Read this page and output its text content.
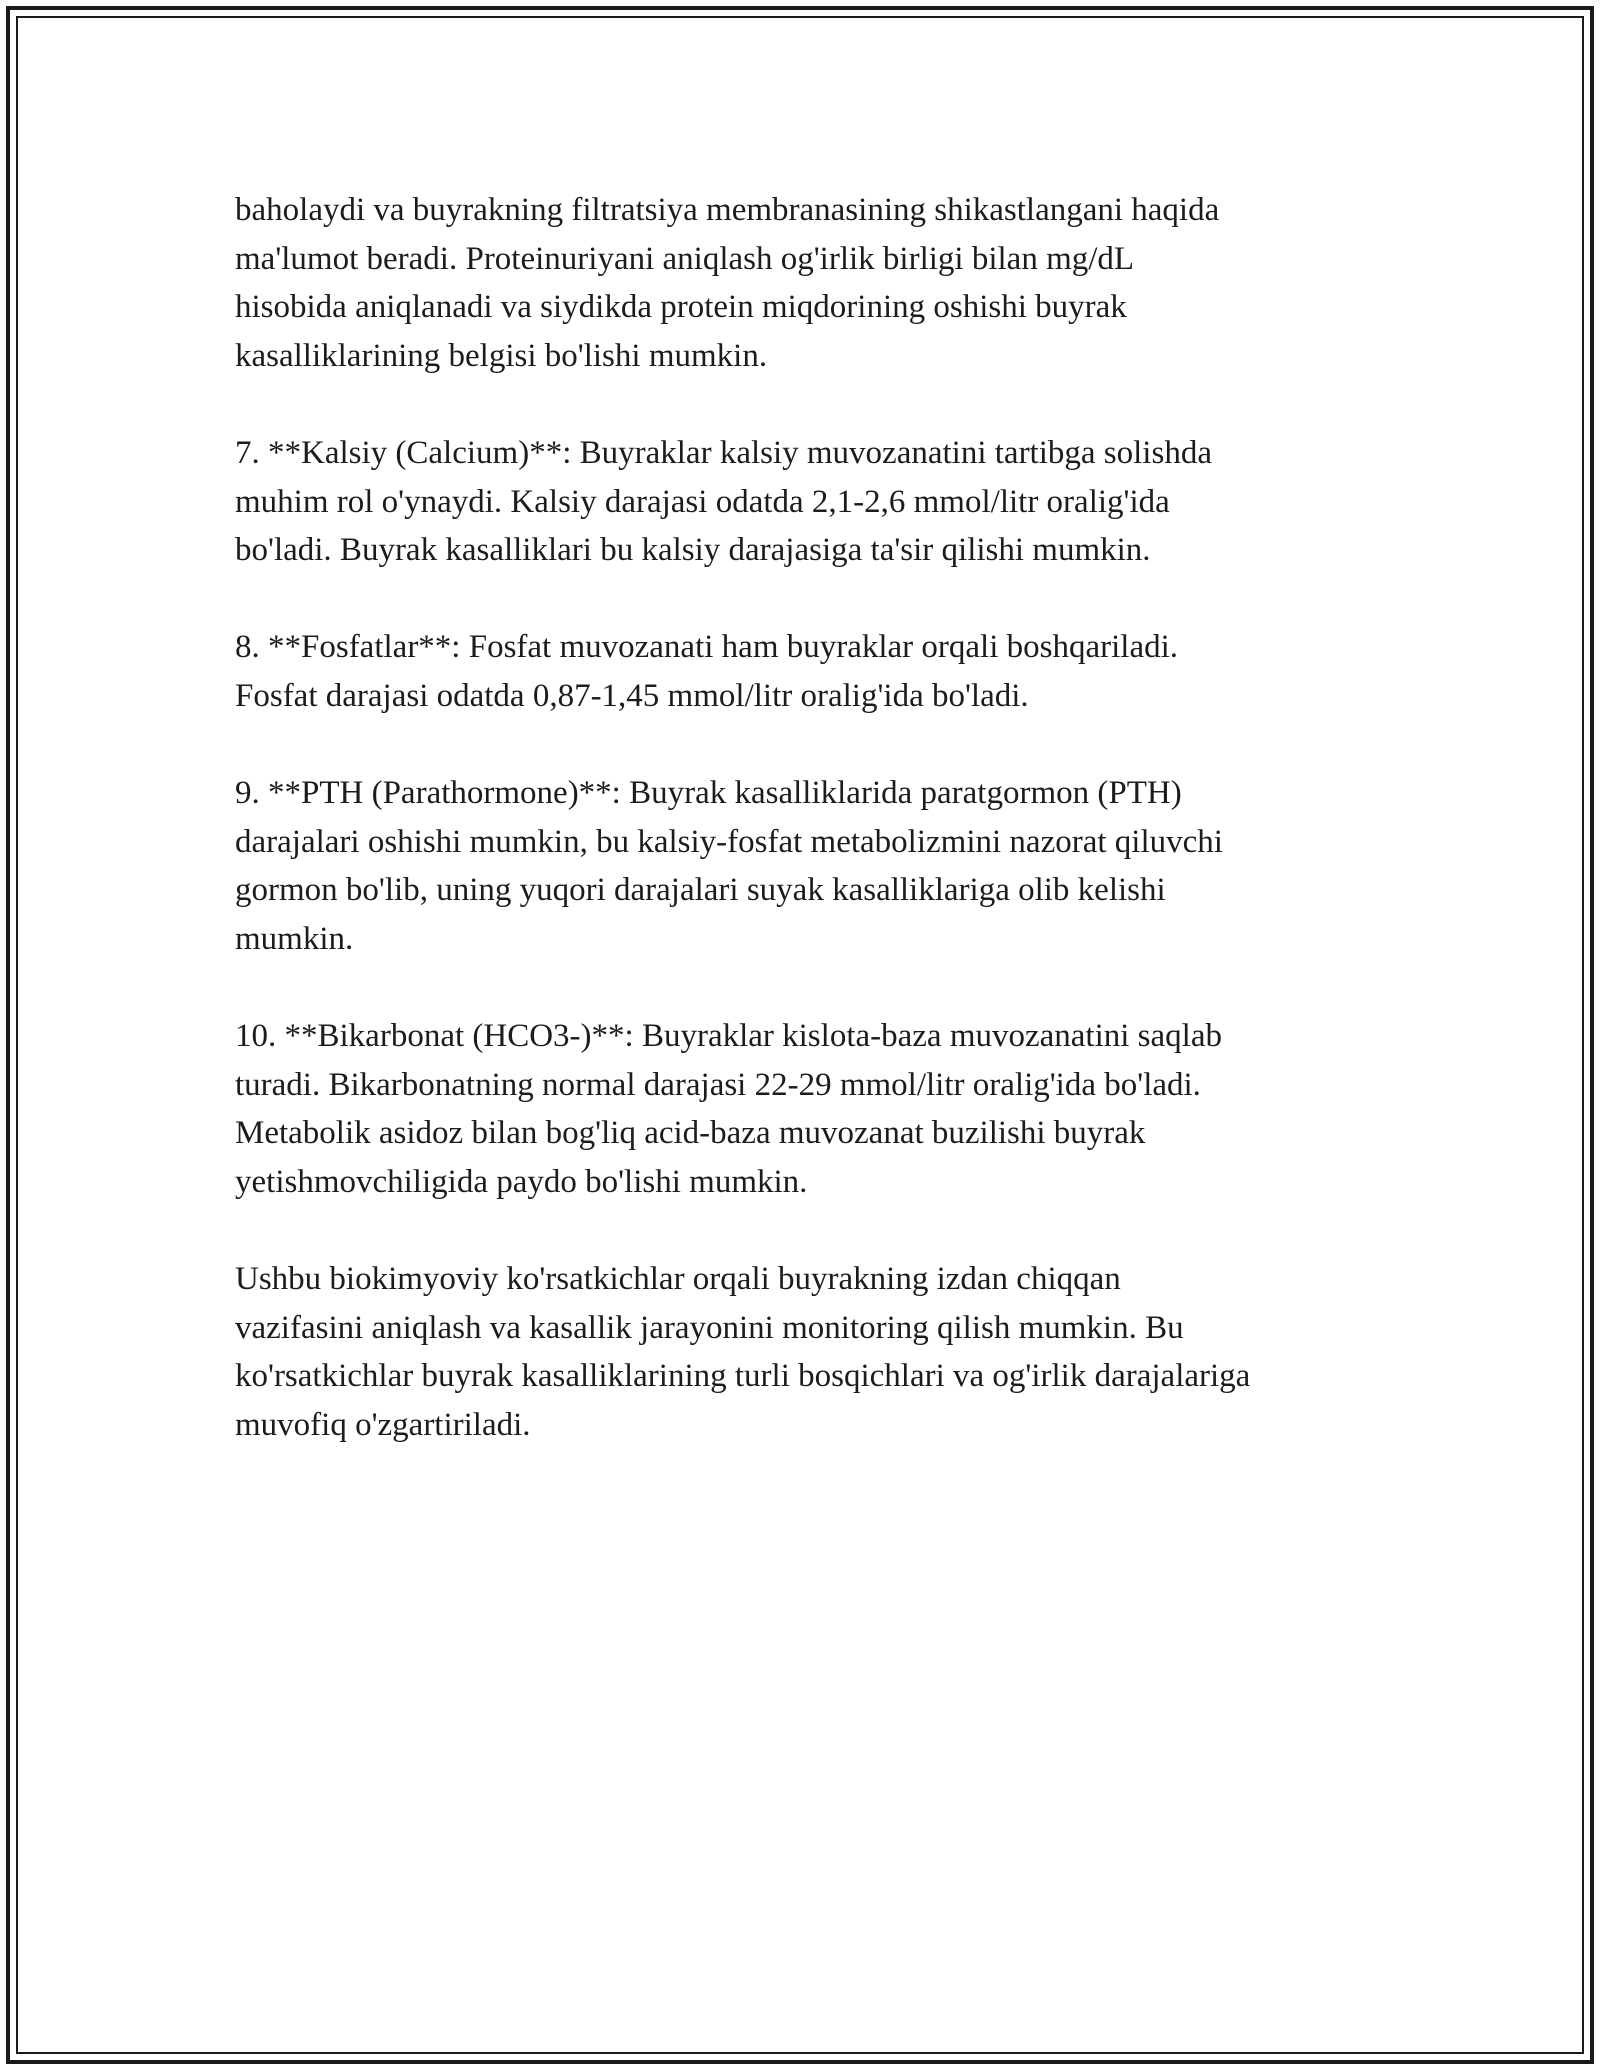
baholaydi va buyrakning filtratsiya membranasining shikastlangani haqida
ma'lumot beradi. Proteinuriyani aniqlash og'irlik birligi bilan mg/dL
hisobida aniqlanadi va siydikda protein miqdorining oshishi buyrak
kasalliklarining belgisi bo'lishi mumkin.

7. **Kalsiy (Calcium)**: Buyraklar kalsiy muvozanatini tartibga solishda
muhim rol o'ynaydi. Kalsiy darajasi odatda 2,1-2,6 mmol/litr oralig'ida
bo'ladi. Buyrak kasalliklari bu kalsiy darajasiga ta'sir qilishi mumkin.

8. **Fosfatlar**: Fosfat muvozanati ham buyraklar orqali boshqariladi.
Fosfat darajasi odatda 0,87-1,45 mmol/litr oralig'ida bo'ladi.

9. **PTH (Parathormone)**: Buyrak kasalliklarida paratgormon (PTH)
darajalari oshishi mumkin, bu kalsiy-fosfat metabolizmini nazorat qiluvchi
gormon bo'lib, uning yuqori darajalari suyak kasalliklariga olib kelishi
mumkin.

10. **Bikarbonat (HCO3-)**: Buyraklar kislota-baza muvozanatini saqlab
turadi. Bikarbonatning normal darajasi 22-29 mmol/litr oralig'ida bo'ladi.
Metabolik asidoz bilan bog'liq acid-baza muvozanat buzilishi buyrak
yetishmovchiligida paydo bo'lishi mumkin.

Ushbu biokimyoviy ko'rsatkichlar orqali buyrakning izdan chiqqan
vazifasini aniqlash va kasallik jarayonini monitoring qilish mumkin. Bu
ko'rsatkichlar buyrak kasalliklarining turli bosqichlari va og'irlik darajalariga
muvofiq o'zgartiriladi.
